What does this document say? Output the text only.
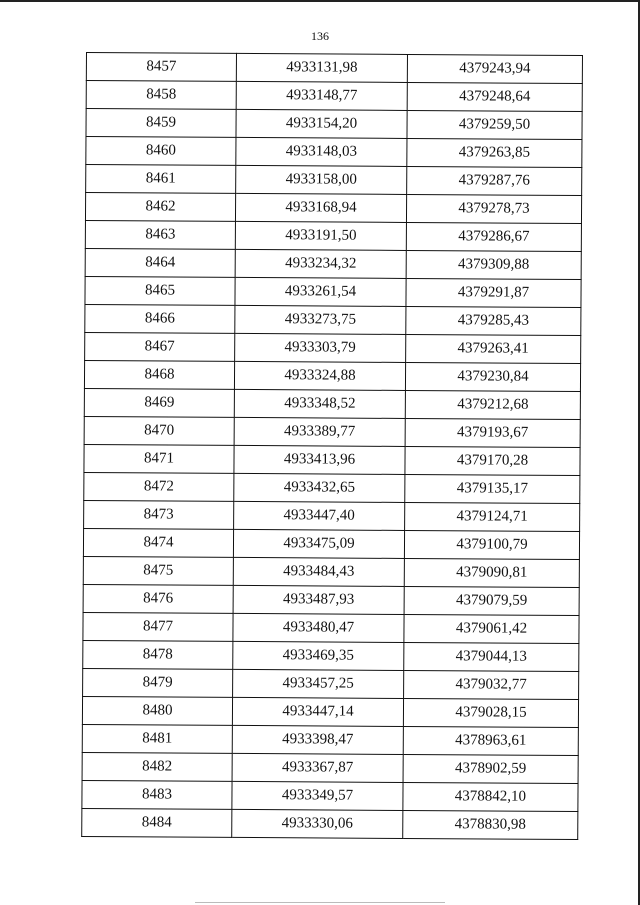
136
8457	4933131,98	4379243,94
8458	4933148,77	4379248,64
8459	4933154,20	4379259,50
8460	4933148,03	4379263,85
8461	4933158,00	4379287,76
8462	4933168,94	4379278,73
8463	4933191,50	4379286,67
8464	4933234,32	4379309,88
8465	4933261,54	4379291,87
8466	4933273,75	4379285,43
8467	4933303,79	4379263,41
8468	4933324,88	4379230,84
8469	4933348,52	4379212,68
8470	4933389,77	4379193,67
8471	4933413,96	4379170,28
8472	4933432,65	4379135,17
8473	4933447,40	4379124,71
8474	4933475,09	4379100,79
8475	4933484,43	4379090,81
8476	4933487,93	4379079,59
8477	4933480,47	4379061,42
8478	4933469,35	4379044,13
8479	4933457,25	4379032,77
8480	4933447,14	4379028,15
8481	4933398,47	4378963,61
8482	4933367,87	4378902,59
8483	4933349,57	4378842,10
8484	4933330,06	4378830,98
